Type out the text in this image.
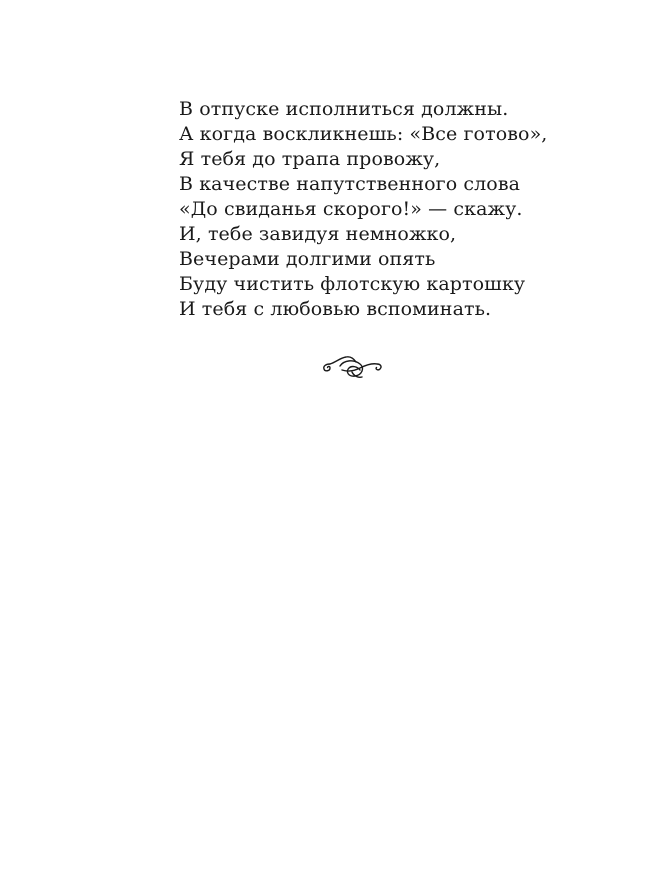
В отпуске исполниться должны.
А когда воскликнешь: «Все готово»,
Я тебя до трапа провожу,
В качестве напутственного слова
«До свиданья скорого!» — скажу.
И, тебе завидуя немножко,
Вечерами долгими опять
Буду чистить флотскую картошку
И тебя с любовью вспоминать.
